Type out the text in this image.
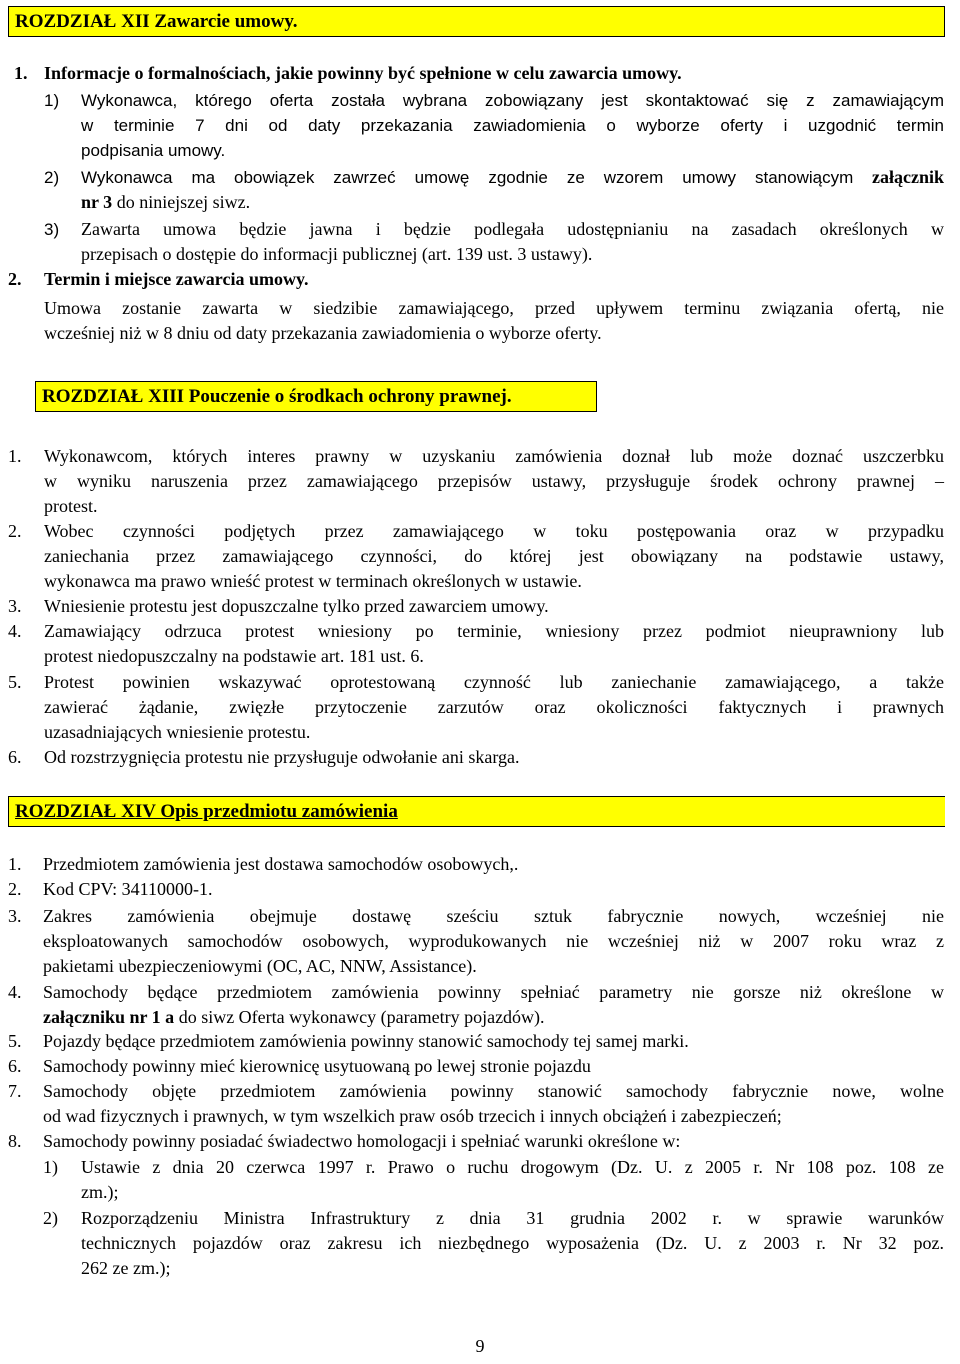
ROZDZIAŁ XII Zawarcie umowy.
1. Informacje o formalnościach, jakie powinny być spełnione w celu zawarcia umowy.
1) Wykonawca, którego oferta została wybrana zobowiązany jest skontaktować się z zamawiającym
w terminie 7 dni od daty przekazania zawiadomienia o wyborze oferty i uzgodnić termin
podpisania umowy.
2) Wykonawca ma obowiązek zawrzeć umowę zgodnie ze wzorem umowy stanowiącym załącznik
nr 3 do niniejszej siwz.
3) Zawarta umowa będzie jawna i będzie podlegała udostępnianiu na zasadach określonych w
przepisach o dostępie do informacji publicznej (art. 139 ust. 3 ustawy).
2. Termin i miejsce zawarcia umowy.
Umowa zostanie zawarta w siedzibie zamawiającego, przed upływem terminu związania ofertą, nie
wcześniej niż w 8 dniu od daty przekazania zawiadomienia o wyborze oferty.
ROZDZIAŁ XIII Pouczenie o środkach ochrony prawnej.
1. Wykonawcom, których interes prawny w uzyskaniu zamówienia doznał lub może doznać uszczerbku
w wyniku naruszenia przez zamawiającego przepisów ustawy, przysługuje środek ochrony prawnej –
protest.
2. Wobec czynności podjętych przez zamawiającego w toku postępowania oraz w przypadku
zaniechania przez zamawiającego czynności, do której jest obowiązany na podstawie ustawy,
wykonawca ma prawo wnieść protest w terminach określonych w ustawie.
3. Wniesienie protestu jest dopuszczalne tylko przed zawarciem umowy.
4. Zamawiający odrzuca protest wniesiony po terminie, wniesiony przez podmiot nieuprawniony lub
protest niedopuszczalny na podstawie art. 181 ust. 6.
5. Protest powinien wskazywać oprotestowaną czynność lub zaniechanie zamawiającego, a także
zawierać żądanie, zwięzłe przytoczenie zarzutów oraz okoliczności faktycznych i prawnych
uzasadniających wniesienie protestu.
6. Od rozstrzygnięcia protestu nie przysługuje odwołanie ani skarga.
ROZDZIAŁ XIV Opis przedmiotu zamówienia
1. Przedmiotem zamówienia jest dostawa samochodów osobowych,.
2. Kod CPV: 34110000-1.
3. Zakres zamówienia obejmuje dostawę sześciu sztuk fabrycznie nowych, wcześniej nie
eksploatowanych samochodów osobowych, wyprodukowanych nie wcześniej niż w 2007 roku wraz z
pakietami ubezpieczeniowymi (OC, AC, NNW, Assistance).
4. Samochody będące przedmiotem zamówienia powinny spełniać parametry nie gorsze niż określone w
załączniku nr 1 a do siwz Oferta wykonawcy (parametry pojazdów).
5. Pojazdy będące przedmiotem zamówienia powinny stanowić samochody tej samej marki.
6. Samochody powinny mieć kierownicę usytuowaną po lewej stronie pojazdu
7. Samochody objęte przedmiotem zamówienia powinny stanowić samochody fabrycznie nowe, wolne
od wad fizycznych i prawnych, w tym wszelkich praw osób trzecich i innych obciążeń i zabezpieczeń;
8. Samochody powinny posiadać świadectwo homologacji i spełniać warunki określone w:
1) Ustawie z dnia 20 czerwca 1997 r. Prawo o ruchu drogowym (Dz. U. z 2005 r. Nr 108 poz. 108 ze
zm.);
2) Rozporządzeniu Ministra Infrastruktury z dnia 31 grudnia 2002 r. w sprawie warunków
technicznych pojazdów oraz zakresu ich niezbędnego wyposażenia (Dz. U. z 2003 r. Nr 32 poz.
262 ze zm.);
9
